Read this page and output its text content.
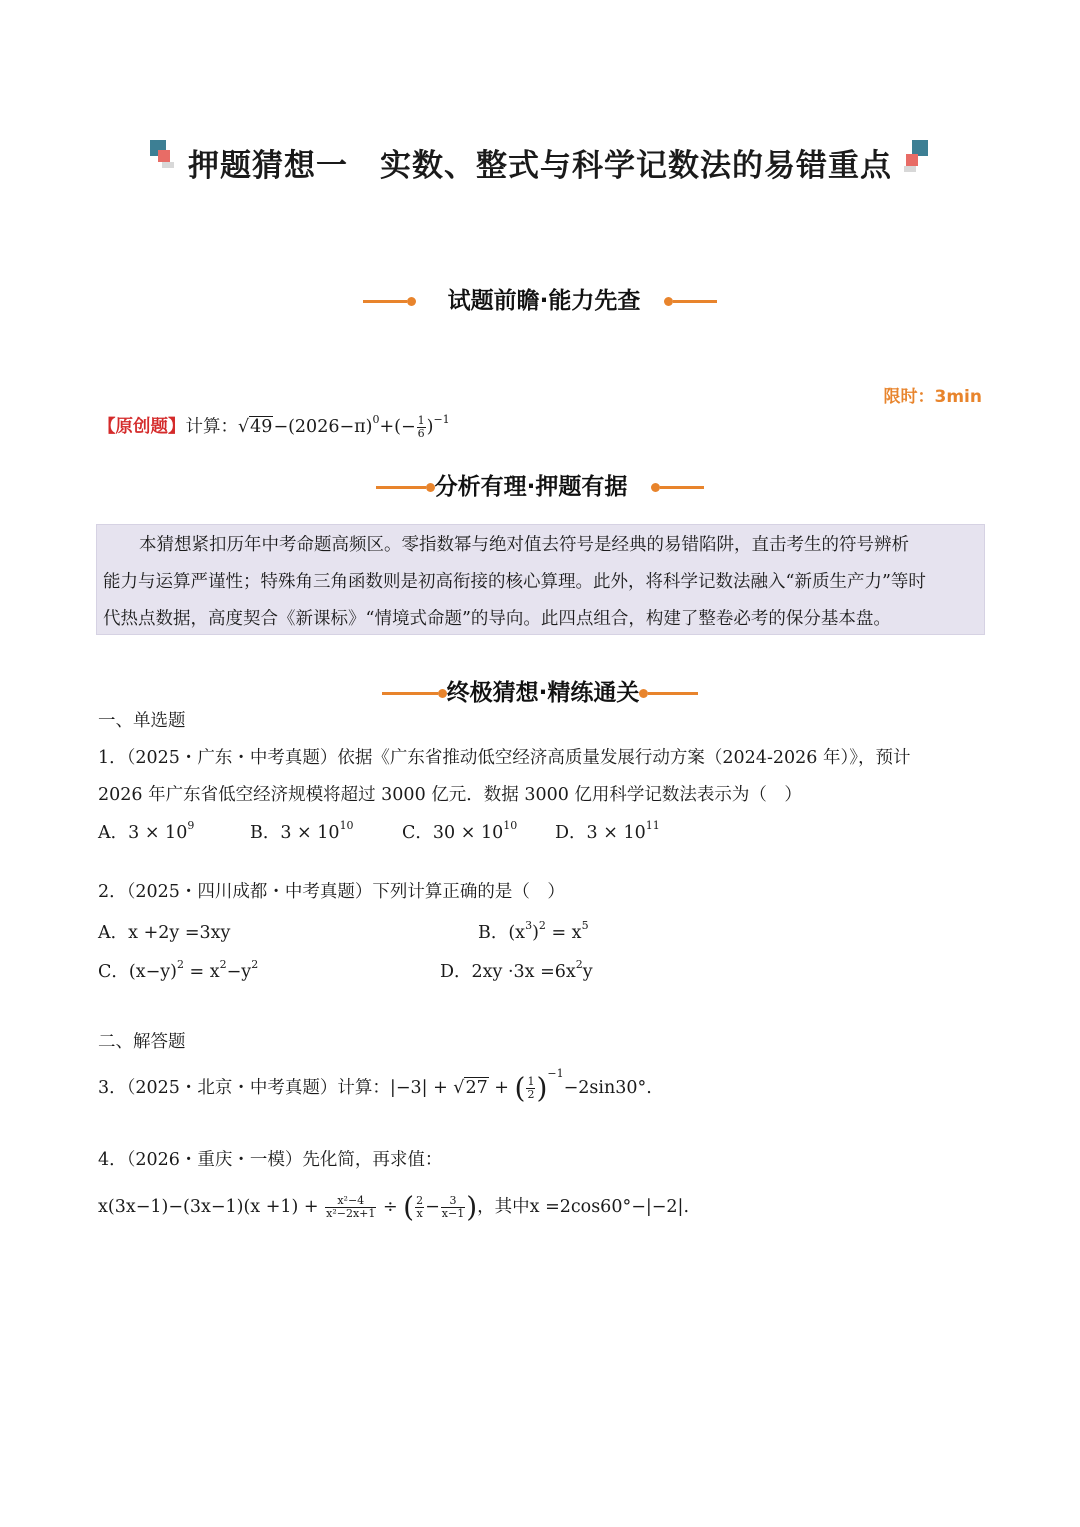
押题猜想一　实数、整式与科学记数法的易错重点
试题前瞻·能力先查
限时：3min
【原创题】计算：$√49-(2026-\pi)^0+(- \frac{1}{6} )^{-1}$
分析有理·押题有据
本猜想紧扣历年中考命题高频区。零指数幂与绝对值去符号是经典的易错陷阱，直击考生的符号辨析
能力与运算严谨性；特殊角三角函数则是初高衔接的核心算理。此外，将科学记数法融入“新质生产力”等时
代热点数据，高度契合《新课标》“情境式命题”的导向。此四点组合，构建了整卷必考的保分基本盘。
终极猜想·精练通关
一、单选题
1．（2025・广东・中考真题）依据《广东省推动低空经济高质量发展行动方案（2024-2026 年）》，预计
2026 年广东省低空经济规模将超过 3000 亿元．数据 3000 亿用科学记数法表示为（　）
A．$3 \times 10^9$	B．$3 \times 10^{10}$	C．$30 \times 10^{10}$ D．$3 \times 10^{11}$
2．（2025・四川成都・中考真题）下列计算正确的是（　）
A．x +2y =3xy	B．$(x^3)^2 = x^5$
C．$(x-y)^2 = x^2-y^2$	D．$2xy \cdot 3x =6x^2y$
二、解答题
3．（2025・北京・中考真题）计算：|−3| + √27 + ( $\frac{1}{2} )^{-1}-2\sin 30^\circ$.
4．（2026・重庆・一模）先化简，再求值：
$x(3x-1)-(3x-1)(x +1) + \frac{\text{x²−4}}{\text{x²−2x+1}}$ ÷ ( $\frac{2}{x} - \frac{3}{x-1}$ )，其中x =2cos60°−|−2|.
